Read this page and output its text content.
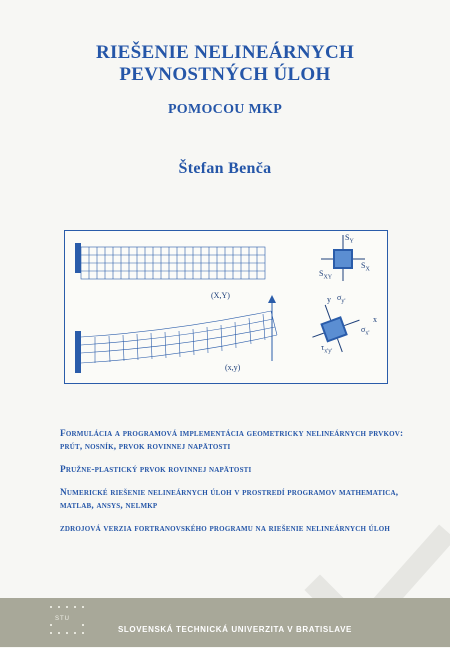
RIEŠENIE NELINEÁRNYCH
PEVNOSTNÝCH ÚLOH
POMOCOU MKP
Štefan Benča
(X,Y)
(x,y)
$S_Y$
$S_X$
$S_{XY}$
y
x
$\sigma_{y'}$
$\sigma_{x'}$
$\tau_{x'y'}$
Formulácia a programová implementácia geometricky nelineárnych prvkov: prút, nosník, prvok rovinnej napätosti
Pružne-plastický prvok rovinnej napätosti
Numerické riešenie nelineárnych úloh v prostredí programov mathematica, matlab, ansys, nelmkp
zdrojová verzia fortranovského programu na riešenie nelineárnych úloh
STU
SLOVENSKÁ TECHNICKÁ UNIVERZITA V BRATISLAVE
